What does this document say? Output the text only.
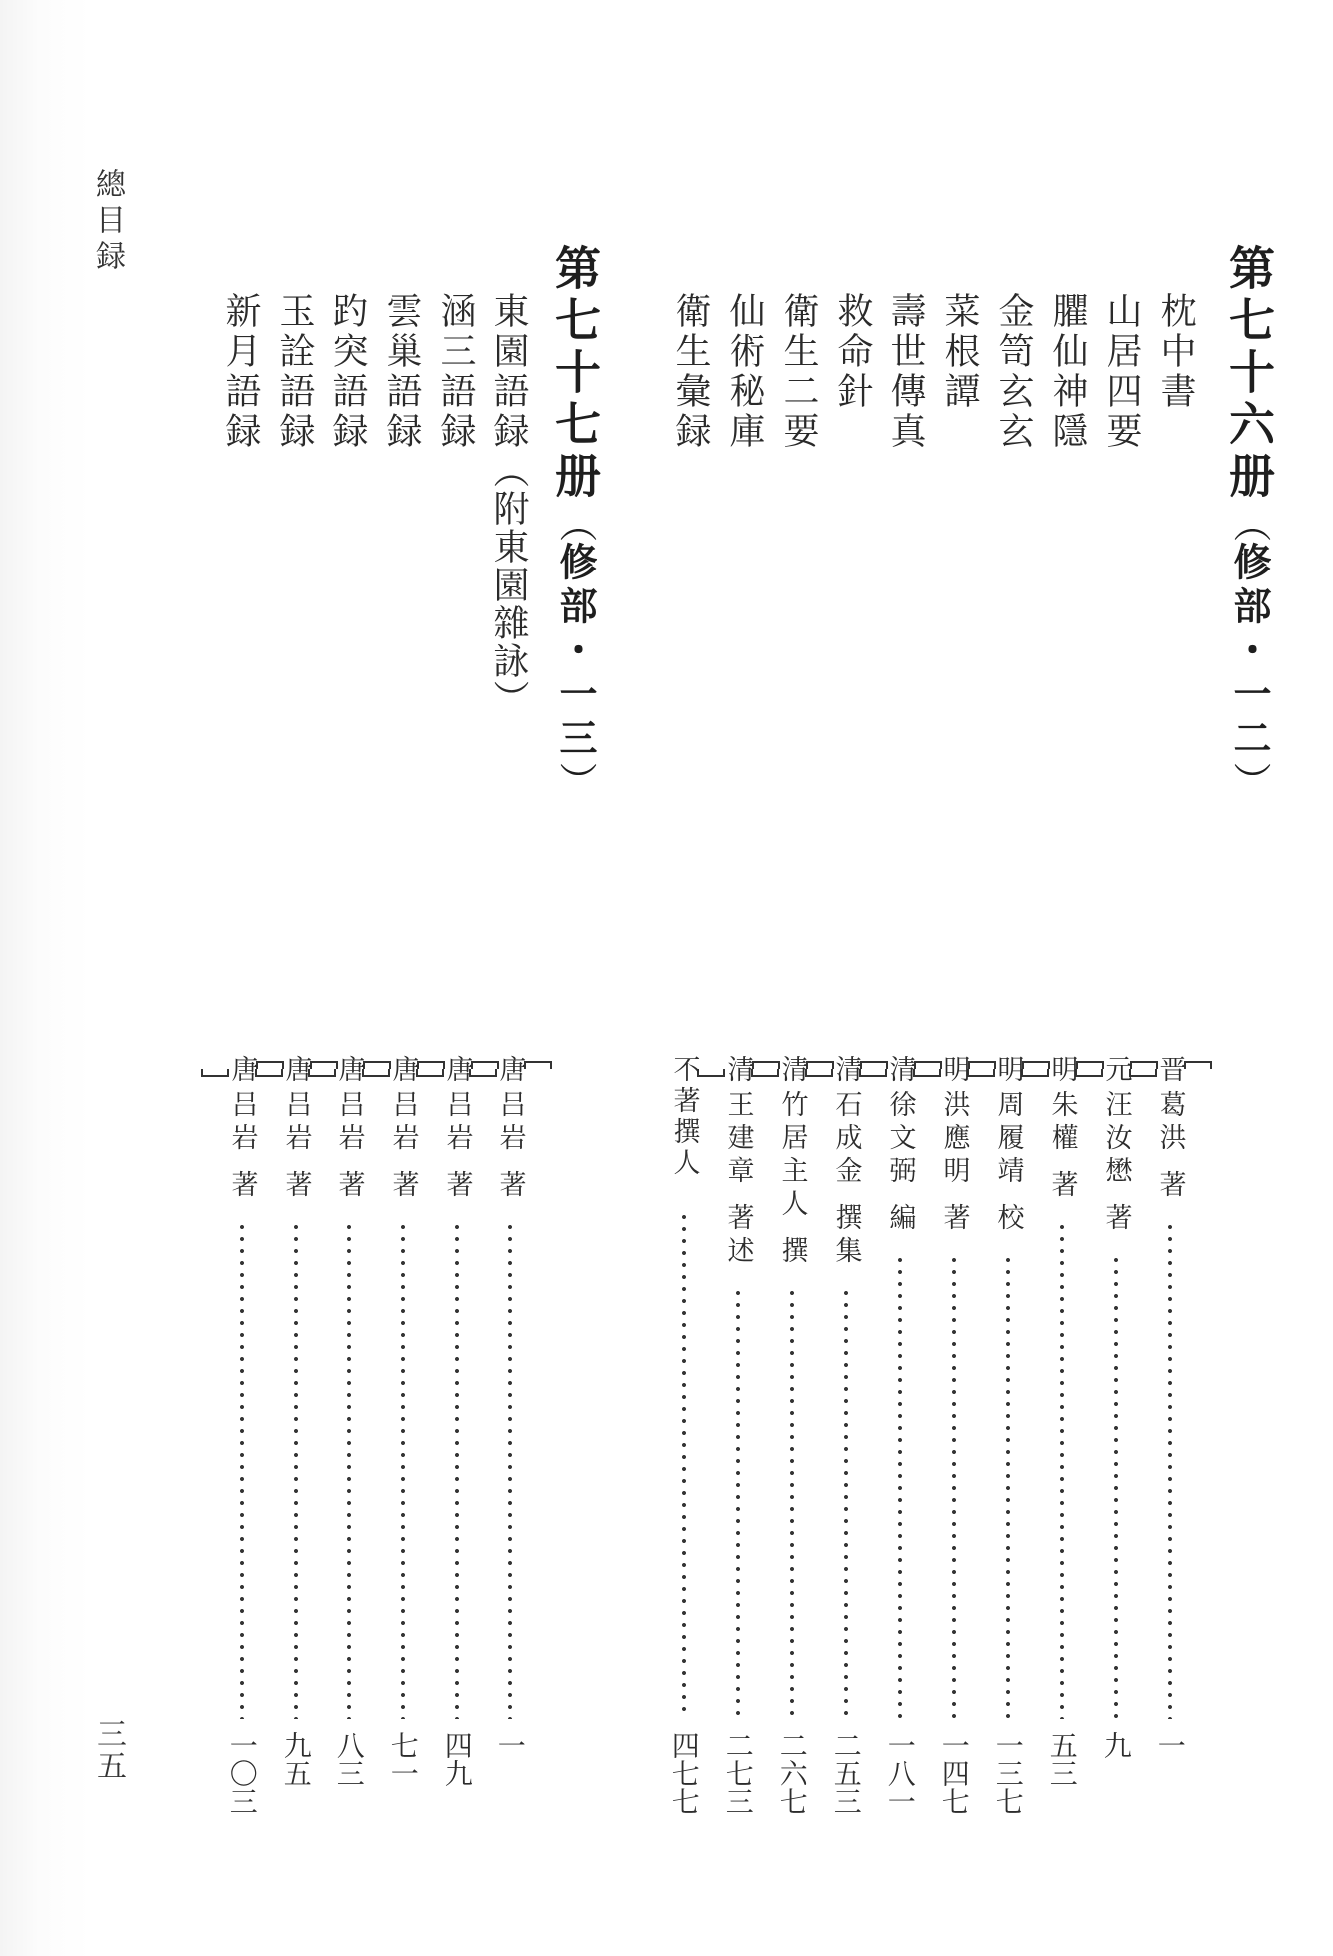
總目録
三五
第七十六册（修部・一二）
枕中書
山居四要
臞仙神隱
金笥玄玄
菜根譚
壽世傳真
救命針
衛生二要
仙術秘庫
衛生彙録
第七十七册（修部・一三）
東園語録（附東園雜詠）
涵三語録
雲巢語録
趵突語録
玉詮語録
新月語録
晋
葛洪
著
一
元
汪汝懋
著
九
明
朱權
著
五三
明
周履靖
校
一三七
明
洪應明
著
一四七
清
徐文弼
編
一八一
清
石成金
撰集
二五三
清
竹居主人
撰
二六七
清
王建章
著述
二七三
不著撰人
四七七
唐
吕岩
著
一
唐
吕岩
著
四九
唐
吕岩
著
七一
唐
吕岩
著
八三
唐
吕岩
著
九五
唐
吕岩
著
一〇三
